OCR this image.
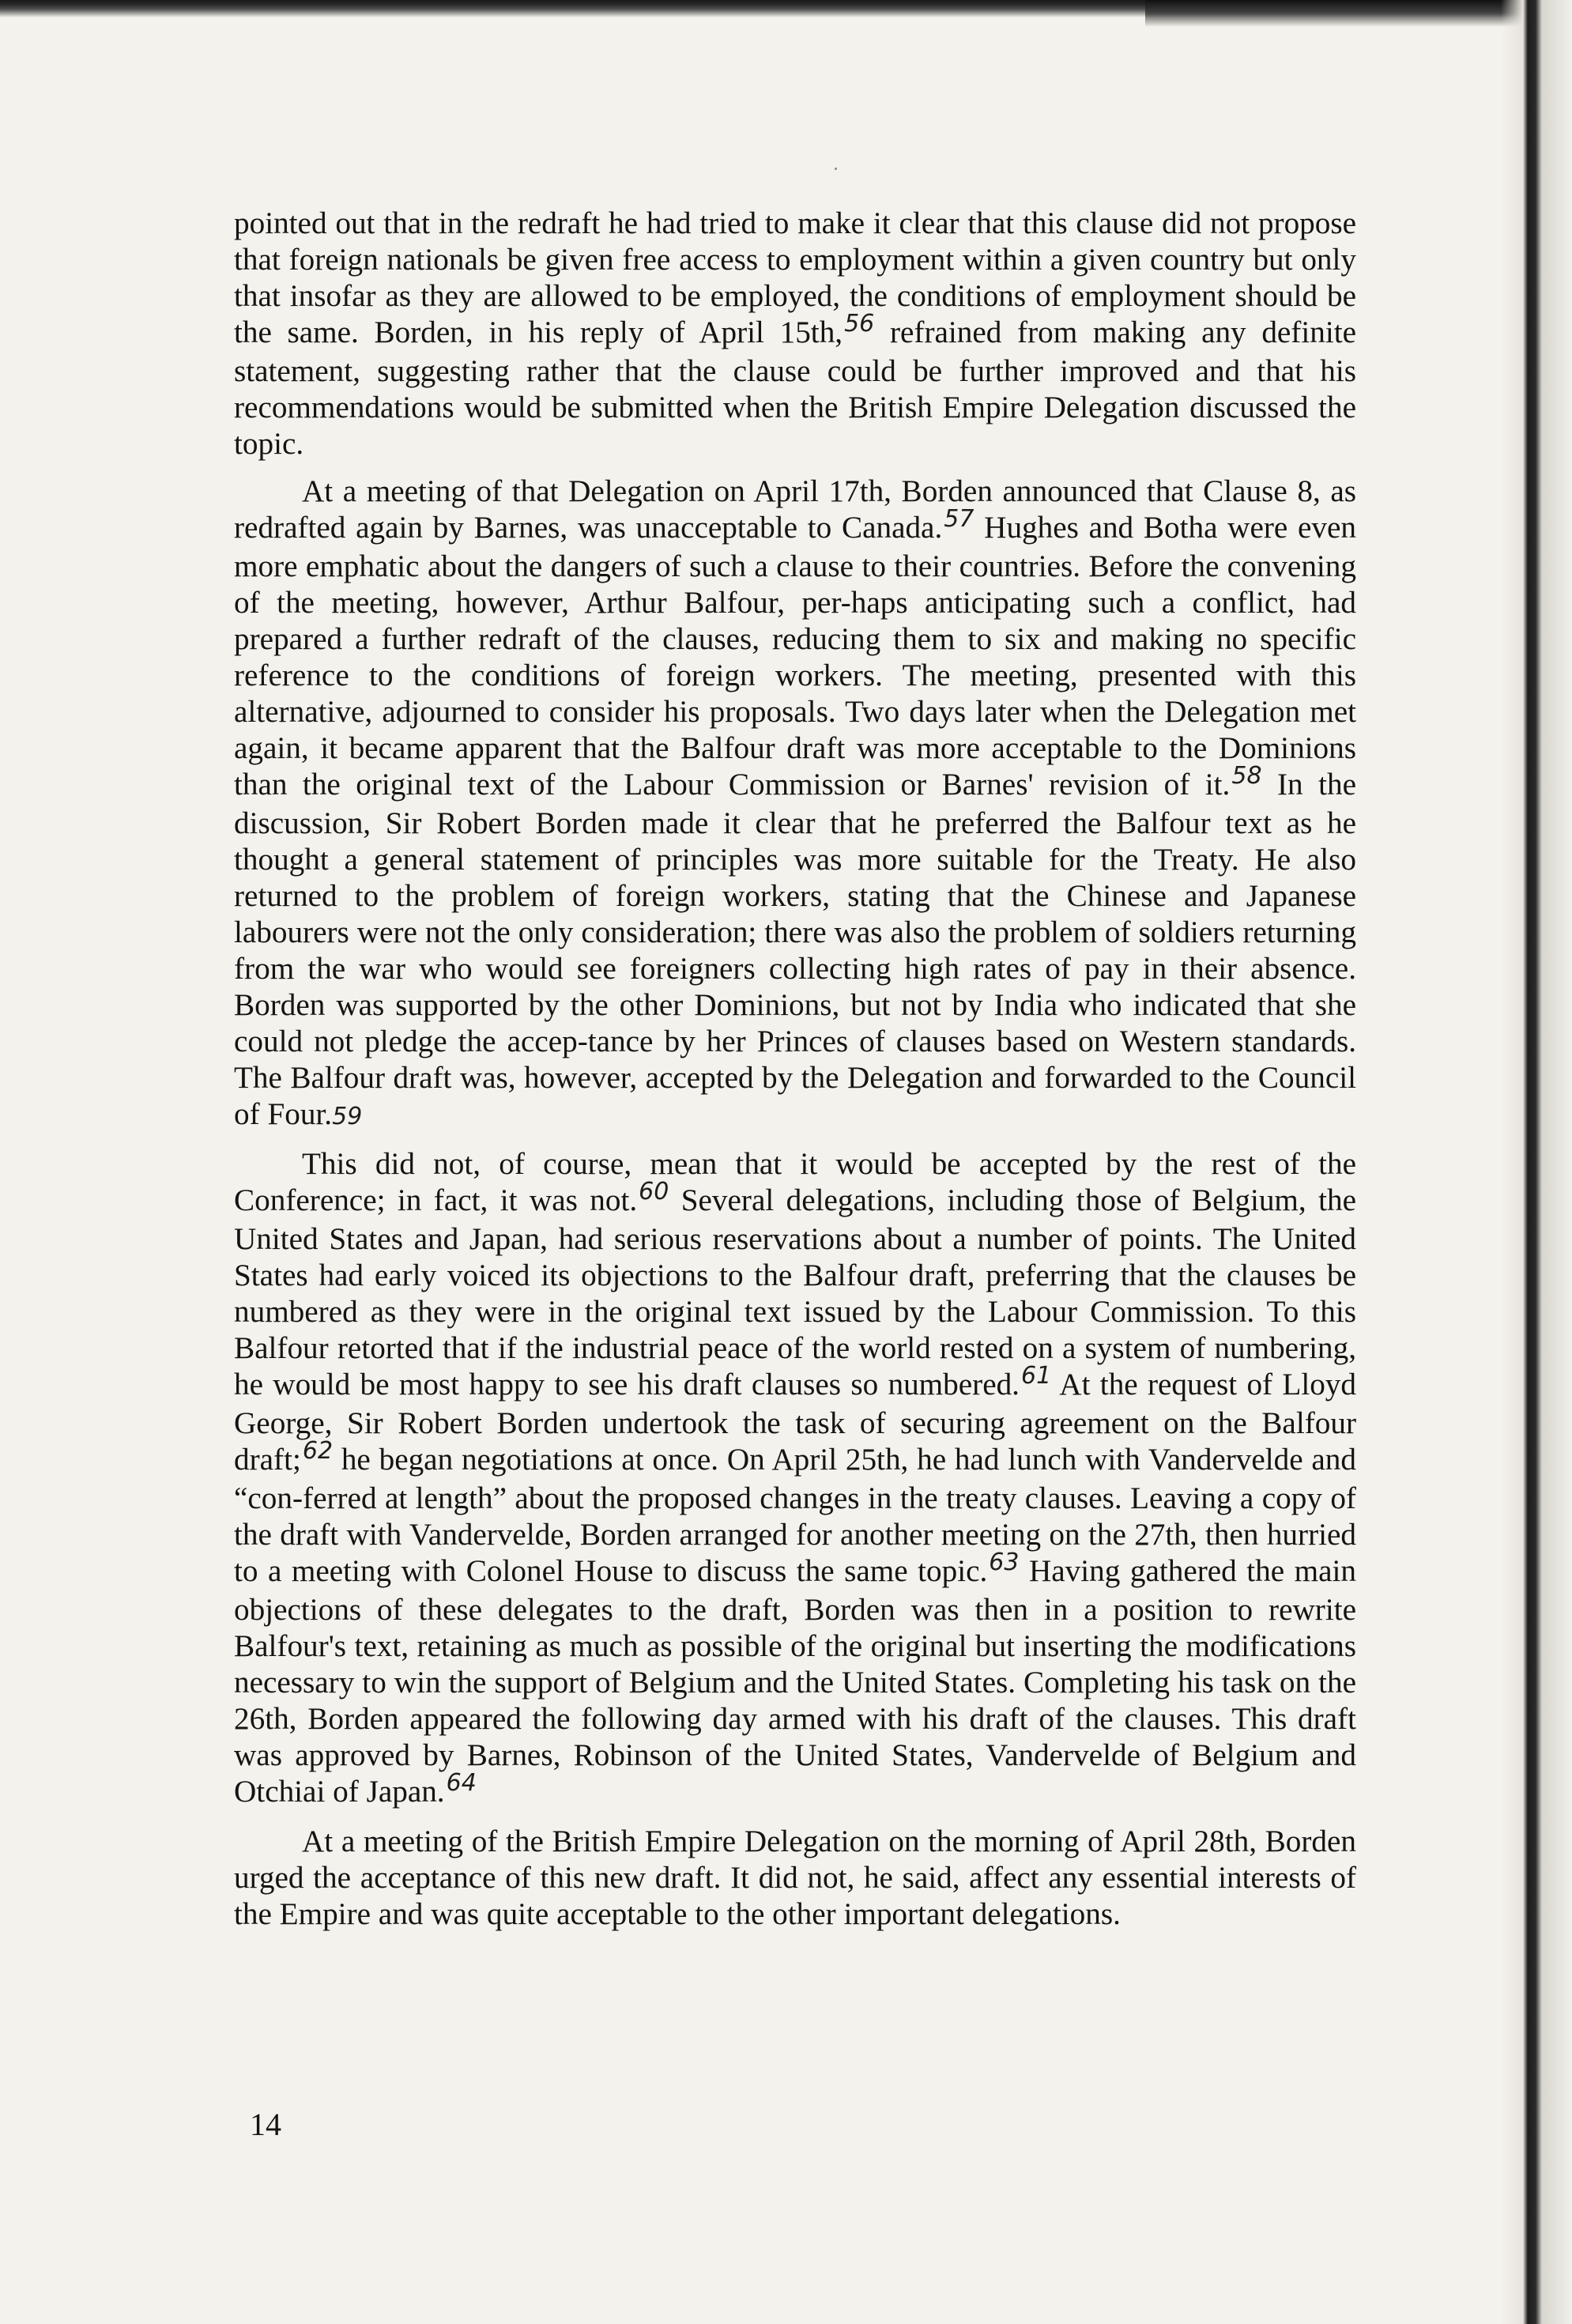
pointed out that in the redraft he had tried to make it clear that this clause did not propose that foreign nationals be given free access to employment within a given country but only that insofar as they are allowed to be employed, the conditions of employment should be the same. Borden, in his reply of April 15th,$^{56}$ refrained from making any definite statement, suggesting rather that the clause could be further improved and that his recommendations would be submitted when the British Empire Delegation discussed the topic.

At a meeting of that Delegation on April 17th, Borden announced that Clause 8, as redrafted again by Barnes, was unacceptable to Canada.$^{57}$ Hughes and Botha were even more emphatic about the dangers of such a clause to their countries. Before the convening of the meeting, however, Arthur Balfour, per-haps anticipating such a conflict, had prepared a further redraft of the clauses, reducing them to six and making no specific reference to the conditions of foreign workers. The meeting, presented with this alternative, adjourned to consider his proposals. Two days later when the Delegation met again, it became apparent that the Balfour draft was more acceptable to the Dominions than the original text of the Labour Commission or Barnes' revision of it.$^{58}$ In the discussion, Sir Robert Borden made it clear that he preferred the Balfour text as he thought a general statement of principles was more suitable for the Treaty. He also returned to the problem of foreign workers, stating that the Chinese and Japanese labourers were not the only consideration; there was also the problem of soldiers returning from the war who would see foreigners collecting high rates of pay in their absence. Borden was supported by the other Dominions, but not by India who indicated that she could not pledge the accep-tance by her Princes of clauses based on Western standards. The Balfour draft was, however, accepted by the Delegation and forwarded to the Council of Four.59

This did not, of course, mean that it would be accepted by the rest of the Conference; in fact, it was not.$^{60}$ Several delegations, including those of Belgium, the United States and Japan, had serious reservations about a number of points. The United States had early voiced its objections to the Balfour draft, preferring that the clauses be numbered as they were in the original text issued by the Labour Commission. To this Balfour retorted that if the industrial peace of the world rested on a system of numbering, he would be most happy to see his draft clauses so numbered.$^{61}$ At the request of Lloyd George, Sir Robert Borden undertook the task of securing agreement on the Balfour draft;$^{62}$ he began negotiations at once. On April 25th, he had lunch with Vandervelde and “con-ferred at length” about the proposed changes in the treaty clauses. Leaving a copy of the draft with Vandervelde, Borden arranged for another meeting on the 27th, then hurried to a meeting with Colonel House to discuss the same topic.$^{63}$ Having gathered the main objections of these delegates to the draft, Borden was then in a position to rewrite Balfour's text, retaining as much as possible of the original but inserting the modifications necessary to win the support of Belgium and the United States. Completing his task on the 26th, Borden appeared the following day armed with his draft of the clauses. This draft was approved by Barnes, Robinson of the United States, Vandervelde of Belgium and Otchiai of Japan.$^{64}$

At a meeting of the British Empire Delegation on the morning of April 28th, Borden urged the acceptance of this new draft. It did not, he said, affect any essential interests of the Empire and was quite acceptable to the other important delegations.

14
